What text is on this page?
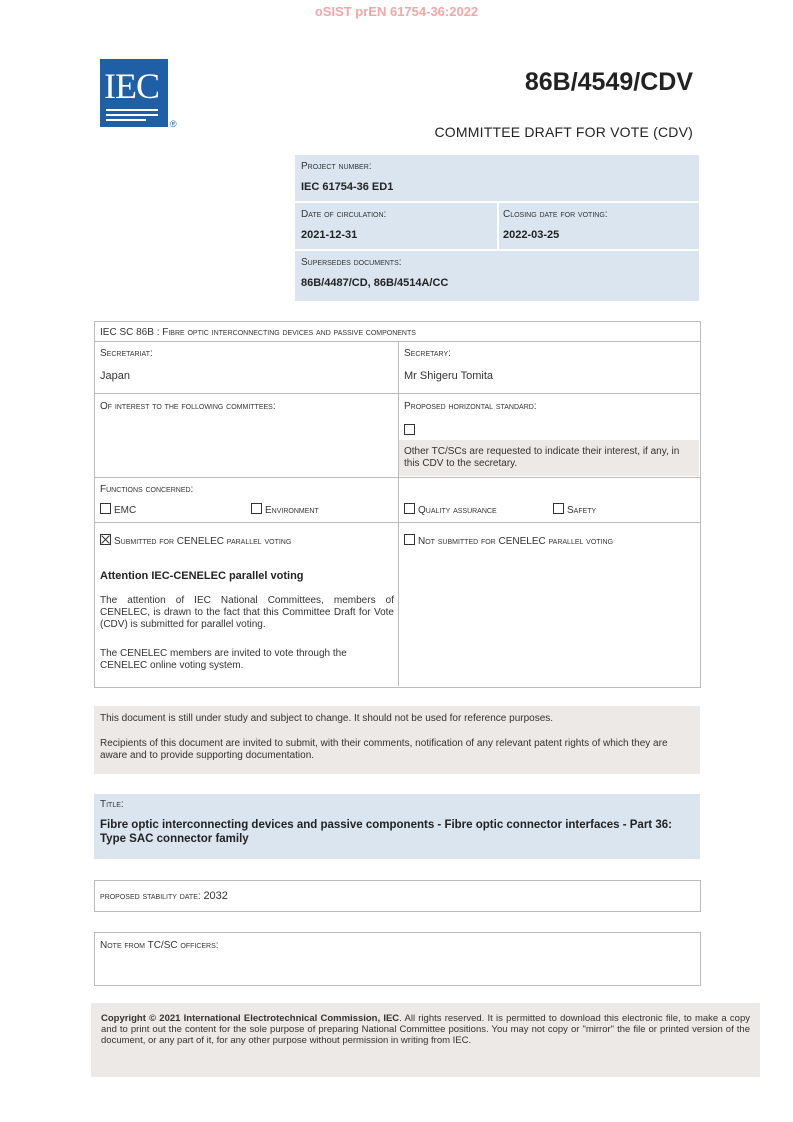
oSIST prEN 61754-36:2022
IEC
®
86B/4549/CDV
COMMITTEE DRAFT FOR VOTE (CDV)
Project number:
IEC 61754-36 ED1
Date of circulation:
2021-12-31
Closing date for voting:
2022-03-25
Supersedes documents:
86B/4487/CD, 86B/4514A/CC
IEC SC 86B : Fibre optic interconnecting devices and passive components
Secretariat:
Japan
Secretary:
Mr Shigeru Tomita
Of interest to the following committees:	Proposed horizontal standard:
Other TC/SCs are requested to indicate their interest, if any, in this CDV to the secretary.
Functions concerned:
EMC	Environment	Quality assurance	Safety
Submitted for CENELEC parallel voting	Not submitted for CENELEC parallel voting
Attention IEC-CENELEC parallel voting
The attention of IEC National Committees, members of CENELEC, is drawn to the fact that this Committee Draft for Vote (CDV) is submitted for parallel voting.
The CENELEC members are invited to vote through the CENELEC online voting system.
This document is still under study and subject to change. It should not be used for reference purposes.
Recipients of this document are invited to submit, with their comments, notification of any relevant patent rights of which they are aware and to provide supporting documentation.
Title:
Fibre optic interconnecting devices and passive components - Fibre optic connector interfaces - Part 36: Type SAC connector family
proposed stability date: 2032
Note from TC/SC officers:
Copyright © 2021 International Electrotechnical Commission, IEC. All rights reserved. It is permitted to download this electronic file, to make a copy and to print out the content for the sole purpose of preparing National Committee positions. You may not copy or "mirror" the file or printed version of the document, or any part of it, for any other purpose without permission in writing from IEC.
